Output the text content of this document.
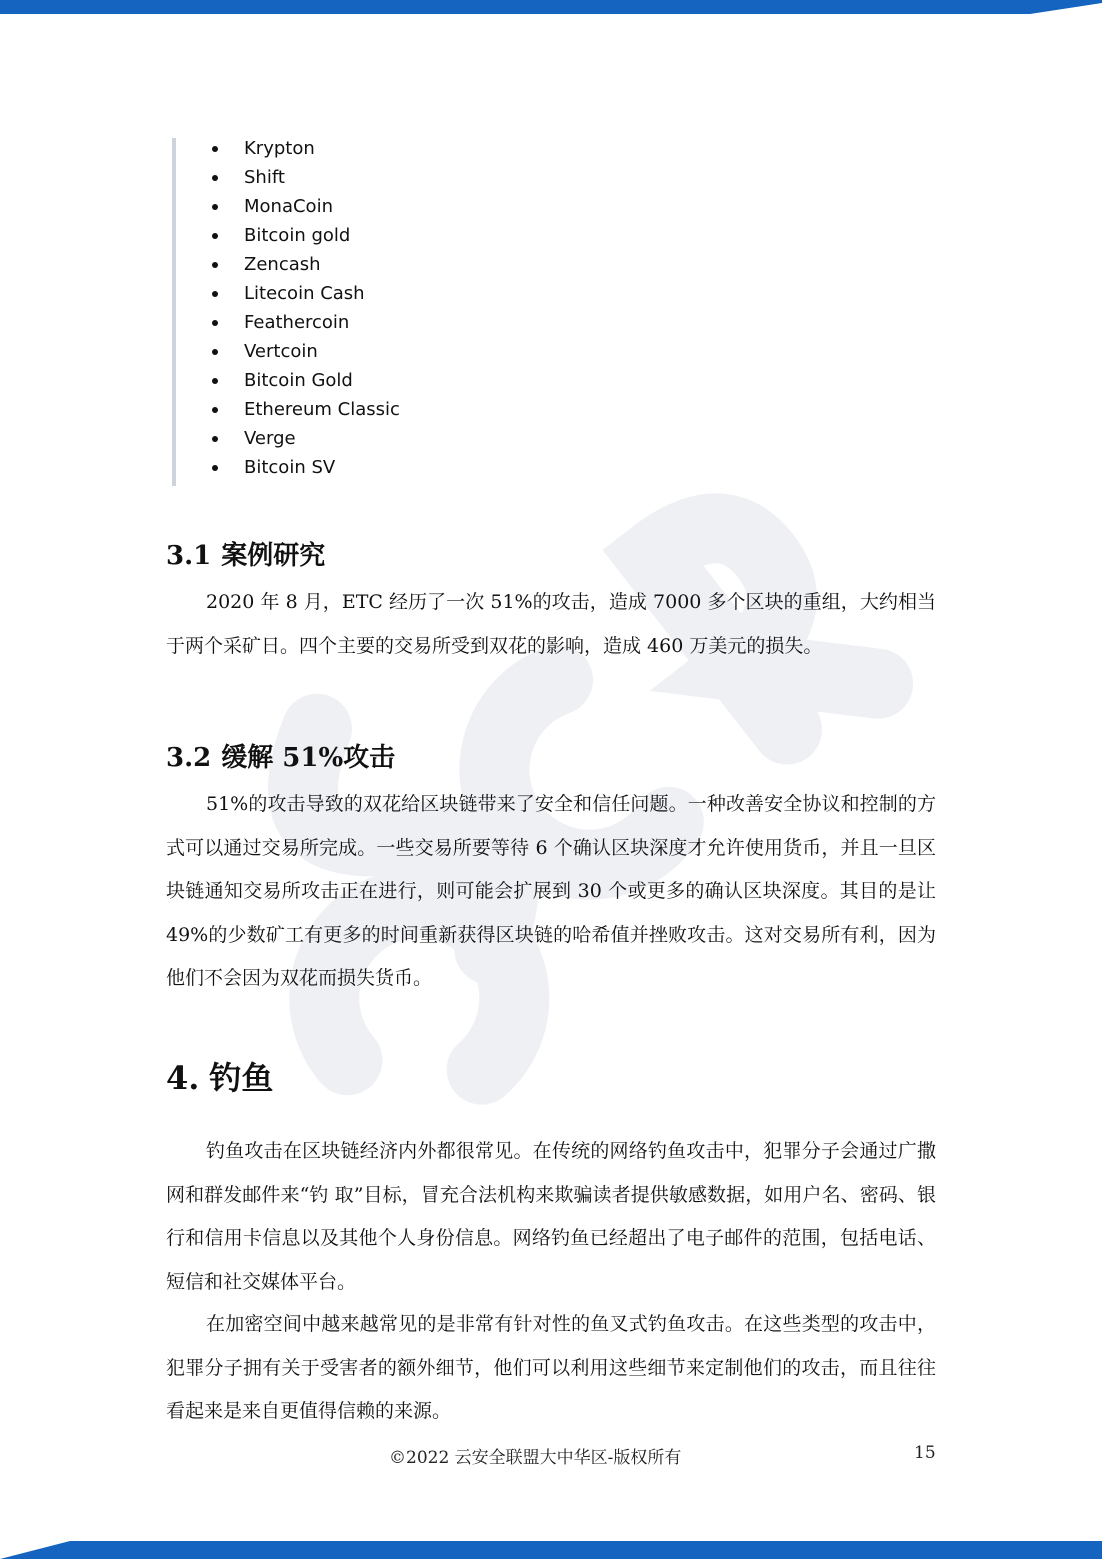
Krypton
Shift
MonaCoin
Bitcoin gold
Zencash
Litecoin Cash
Feathercoin
Vertcoin
Bitcoin Gold
Ethereum Classic
Verge
Bitcoin SV
3.1 案例研究

2020 年 8 月，ETC 经历了一次 51%的攻击，造成 7000 多个区块的重组，大约相当于两个采矿日。四个主要的交易所受到双花的影响，造成 460 万美元的损失。

3.2 缓解 51%攻击

51%的攻击导致的双花给区块链带来了安全和信任问题。一种改善安全协议和控制的方式可以通过交易所完成。一些交易所要等待 6 个确认区块深度才允许使用货币，并且一旦区块链通知交易所攻击正在进行，则可能会扩展到 30 个或更多的确认区块深度。其目的是让 49%的少数矿工有更多的时间重新获得区块链的哈希值并挫败攻击。这对交易所有利，因为他们不会因为双花而损失货币。

4. 钓鱼

钓鱼攻击在区块链经济内外都很常见。在传统的网络钓鱼攻击中，犯罪分子会通过广撒网和群发邮件来“钓 取”目标，冒充合法机构来欺骗读者提供敏感数据，如用户名、密码、银行和信用卡信息以及其他个人身份信息。网络钓鱼已经超出了电子邮件的范围，包括电话、短信和社交媒体平台。

在加密空间中越来越常见的是非常有针对性的鱼叉式钓鱼攻击。在这些类型的攻击中，犯罪分子拥有关于受害者的额外细节，他们可以利用这些细节来定制他们的攻击，而且往往看起来是来自更值得信赖的来源。

©2022 云安全联盟大中华区-版权所有	15
